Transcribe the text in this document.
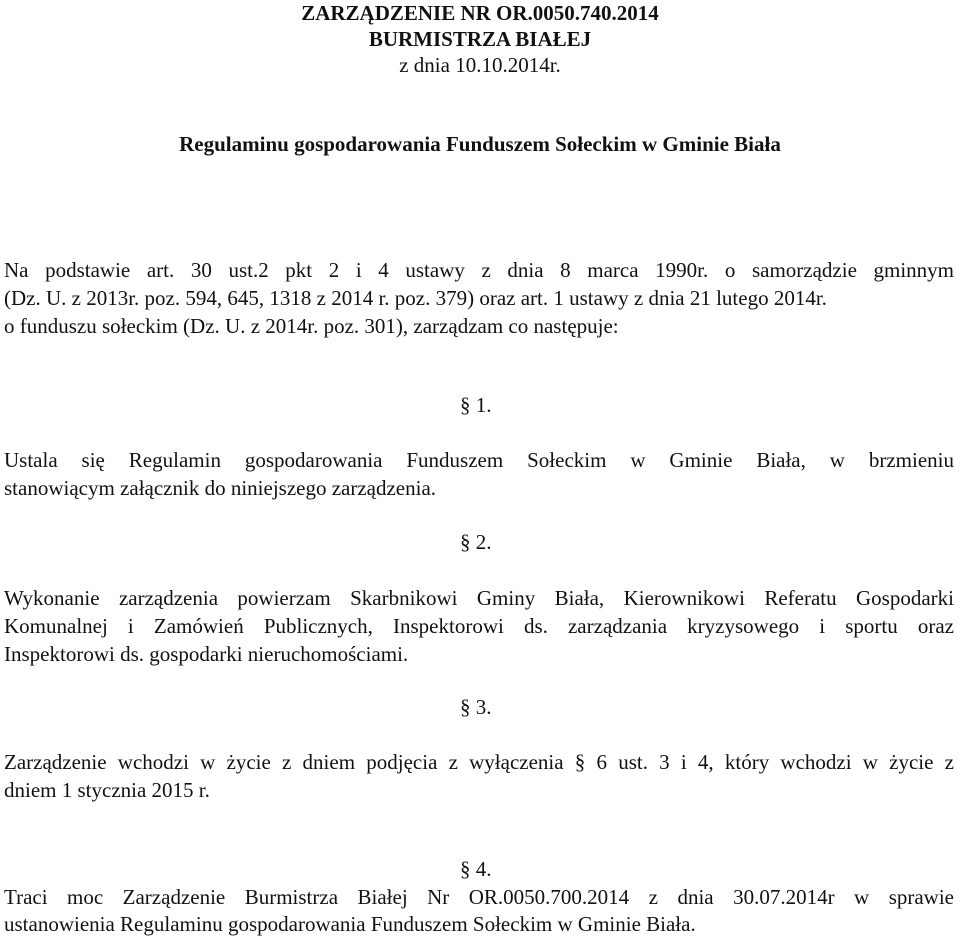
ZARZĄDZENIE NR OR.0050.740.2014
BURMISTRZA BIAŁEJ
z dnia 10.10.2014r.
Regulaminu gospodarowania Funduszem Sołeckim w Gminie Biała
Na podstawie art. 30 ust.2 pkt 2 i 4 ustawy z dnia 8 marca 1990r. o samorządzie gminnym
(Dz. U. z 2013r. poz. 594, 645, 1318 z 2014 r. poz. 379) oraz art. 1 ustawy z dnia 21 lutego 2014r.
o funduszu sołeckim (Dz. U. z 2014r. poz. 301), zarządzam co następuje:
§ 1.
Ustala się Regulamin gospodarowania Funduszem Sołeckim w Gminie Biała, w brzmieniu
stanowiącym załącznik do niniejszego zarządzenia.
§ 2.
Wykonanie zarządzenia powierzam Skarbnikowi Gminy Biała, Kierownikowi Referatu Gospodarki
Komunalnej i Zamówień Publicznych, Inspektorowi ds. zarządzania kryzysowego i sportu oraz
Inspektorowi ds. gospodarki nieruchomościami.
§ 3.
Zarządzenie wchodzi w życie z dniem podjęcia z wyłączenia § 6 ust. 3 i 4, który wchodzi w życie z
dniem 1 stycznia 2015 r.
§ 4.
Traci moc Zarządzenie Burmistrza Białej Nr OR.0050.700.2014 z dnia 30.07.2014r w sprawie
ustanowienia Regulaminu gospodarowania Funduszem Sołeckim w Gminie Biała.
